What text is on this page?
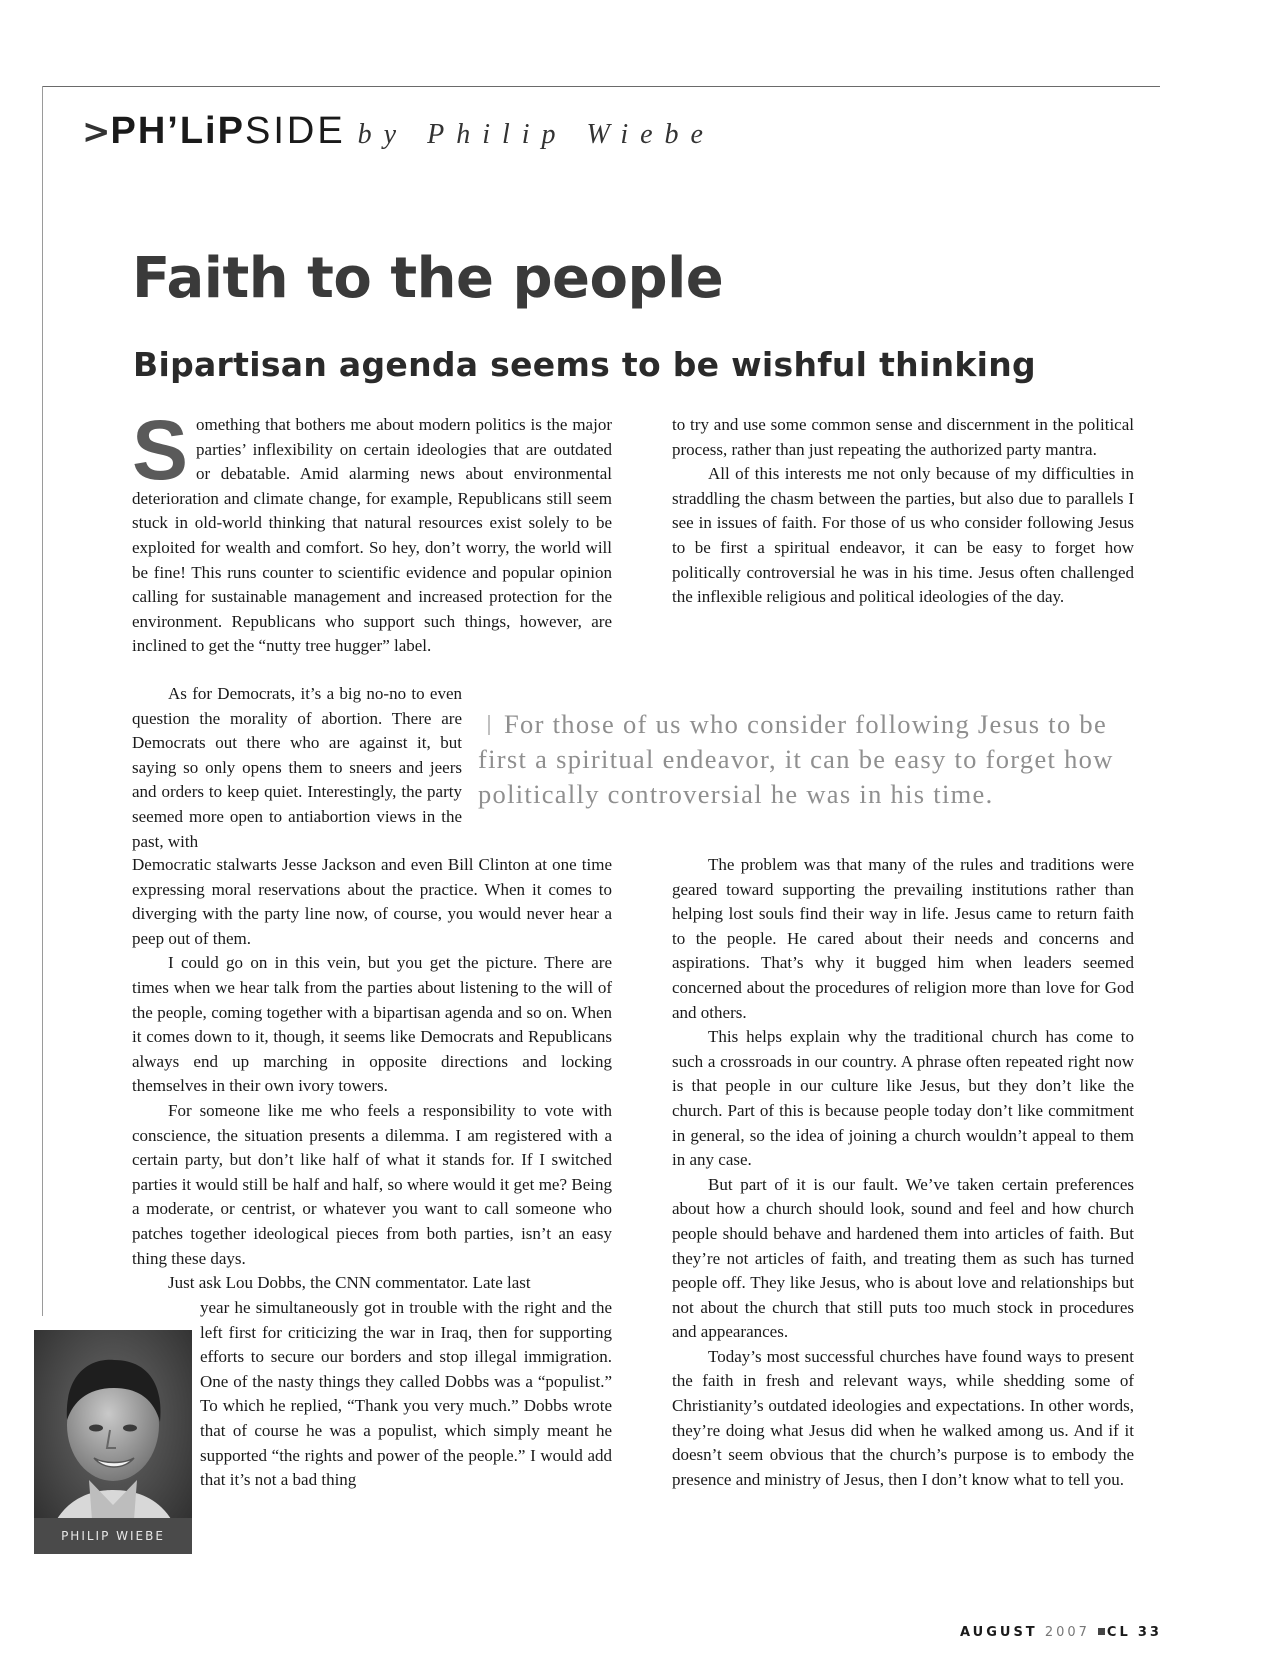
>PH’LiPSIDE by Philip Wiebe
Faith to the people
Bipartisan agenda seems to be wishful thinking

Something that bothers me about modern politics is the major parties’ inflexibility on certain ideologies that are outdated or debatable. Amid alarming news about environmental deterioration and climate change, for example, Republicans still seem stuck in old-world thinking that natural resources exist solely to be exploited for wealth and comfort. So hey, don’t worry, the world will be fine! This runs counter to scientific evidence and popular opinion calling for sustainable management and increased protection for the environment. Republicans who support such things, however, are inclined to get the “nutty tree hugger” label.

As for Democrats, it’s a big no-no to even question the morality of abortion. There are Democrats out there who are against it, but saying so only opens them to sneers and jeers and orders to keep quiet. Interestingly, the party seemed more open to antiabortion views in the past, with

For those of us who consider following Jesus to be first a spiritual endeavor, it can be easy to forget how politically controversial he was in his time.

Democratic stalwarts Jesse Jackson and even Bill Clinton at one time expressing moral reservations about the practice. When it comes to diverging with the party line now, of course, you would never hear a peep out of them.

I could go on in this vein, but you get the picture. There are times when we hear talk from the parties about listening to the will of the people, coming together with a bipartisan agenda and so on. When it comes down to it, though, it seems like Democrats and Republicans always end up marching in opposite directions and locking themselves in their own ivory towers.

For someone like me who feels a responsibility to vote with conscience, the situation presents a dilemma. I am registered with a certain party, but don’t like half of what it stands for. If I switched parties it would still be half and half, so where would it get me? Being a moderate, or centrist, or whatever you want to call someone who patches together ideological pieces from both parties, isn’t an easy thing these days.

Just ask Lou Dobbs, the CNN commentator. Late last

year he simultaneously got in trouble with the right and the left first for criticizing the war in Iraq, then for supporting efforts to secure our borders and stop illegal immigration. One of the nasty things they called Dobbs was a “populist.” To which he replied, “Thank you very much.” Dobbs wrote that of course he was a populist, which simply meant he supported “the rights and power of the people.” I would add that it’s not a bad thing

to try and use some common sense and discernment in the political process, rather than just repeating the authorized party mantra.

All of this interests me not only because of my difficulties in straddling the chasm between the parties, but also due to parallels I see in issues of faith. For those of us who consider following Jesus to be first a spiritual endeavor, it can be easy to forget how politically controversial he was in his time. Jesus often challenged the inflexible religious and political ideologies of the day.

The problem was that many of the rules and traditions were geared toward supporting the prevailing institutions rather than helping lost souls find their way in life. Jesus came to return faith to the people. He cared about their needs and concerns and aspirations. That’s why it bugged him when leaders seemed concerned about the procedures of religion more than love for God and others.

This helps explain why the traditional church has come to such a crossroads in our country. A phrase often repeated right now is that people in our culture like Jesus, but they don’t like the church. Part of this is because people today don’t like commitment in general, so the idea of joining a church wouldn’t appeal to them in any case.

But part of it is our fault. We’ve taken certain preferences about how a church should look, sound and feel and how church people should behave and hardened them into articles of faith. But they’re not articles of faith, and treating them as such has turned people off. They like Jesus, who is about love and relationships but not about the church that still puts too much stock in procedures and appearances.

Today’s most successful churches have found ways to present the faith in fresh and relevant ways, while shedding some of Christianity’s outdated ideologies and expectations. In other words, they’re doing what Jesus did when he walked among us. And if it doesn’t seem obvious that the church’s purpose is to embody the presence and ministry of Jesus, then I don’t know what to tell you.

PHILIP WIEBE
AUGUST 2007 CL 33
